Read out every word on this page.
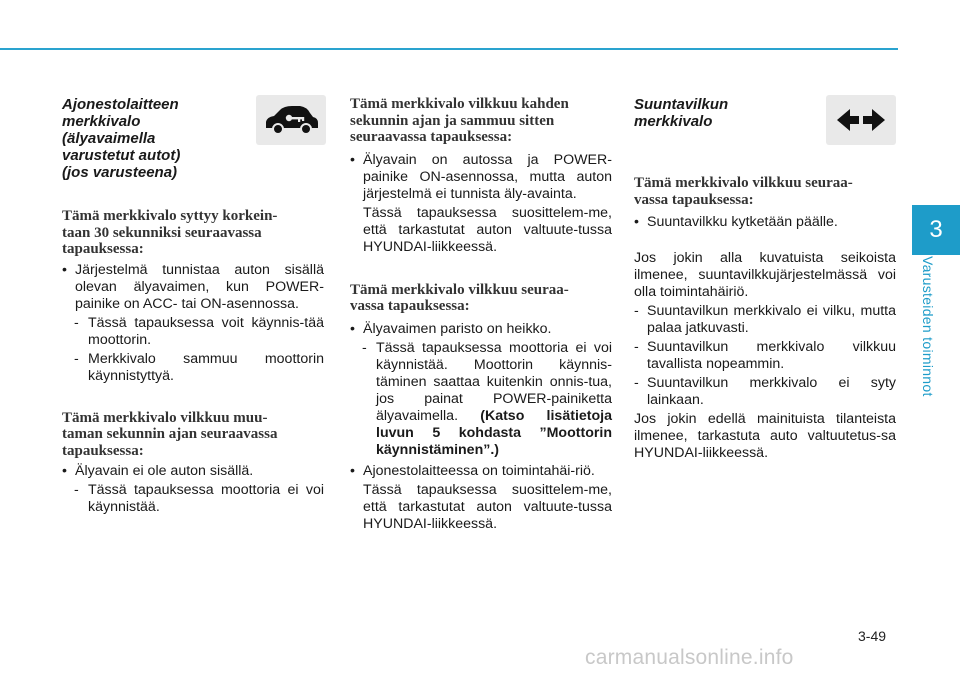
3
Varusteiden toiminnot
Ajonestolaitteen
merkkivalo
(älyavaimella
varustetut autot)
(jos varusteena)
Tämä merkkivalo syttyy korkein-
taan 30 sekunniksi seuraavassa
tapauksessa:
• Järjestelmä tunnistaa auton sisällä olevan älyavaimen, kun POWER-painike on ACC- tai ON-asennossa.
- Tässä tapauksessa voit käynnis-tää moottorin.
- Merkkivalo sammuu moottorin käynnistyttyä.
Tämä merkkivalo vilkkuu muu-
taman sekunnin ajan seuraavassa
tapauksessa:
• Älyavain ei ole auton sisällä.
- Tässä tapauksessa moottoria ei voi käynnistää.
Tämä merkkivalo vilkkuu kahden
sekunnin ajan ja sammuu sitten
seuraavassa tapauksessa:
• Älyavain on autossa ja POWER-painike ON-asennossa, mutta auton järjestelmä ei tunnista äly-avainta.

Tässä tapauksessa suosittelem-me, että tarkastutat auton valtuute-tussa HYUNDAI-liikkeessä.

Tämä merkkivalo vilkkuu seuraa-
vassa tapauksessa:
• Älyavaimen paristo on heikko.
- Tässä tapauksessa moottoria ei voi käynnistää. Moottorin käynnis-täminen saattaa kuitenkin onnis-tua, jos painat POWER-painiketta älyavaimella. (Katso lisätietoja luvun 5 kohdasta ”Moottorin käynnistäminen”.)
• Ajonestolaitteessa on toimintahäi-riö.

Tässä tapauksessa suosittelem-me, että tarkastutat auton valtuute-tussa HYUNDAI-liikkeessä.

Suuntavilkun
merkkivalo
Tämä merkkivalo vilkkuu seuraa-
vassa tapauksessa:
• Suuntavilkku kytketään päälle.

Jos jokin alla kuvatuista seikoista ilmenee, suuntavilkkujärjestelmässä voi olla toimintahäiriö.

- Suuntavilkun merkkivalo ei vilku, mutta palaa jatkuvasti.
- Suuntavilkun merkkivalo vilkkuu tavallista nopeammin.
- Suuntavilkun merkkivalo ei syty lainkaan.

Jos jokin edellä mainituista tilanteista ilmenee, tarkastuta auto valtuutetus-sa HYUNDAI-liikkeessä.

3-49
carmanualsonline.info
